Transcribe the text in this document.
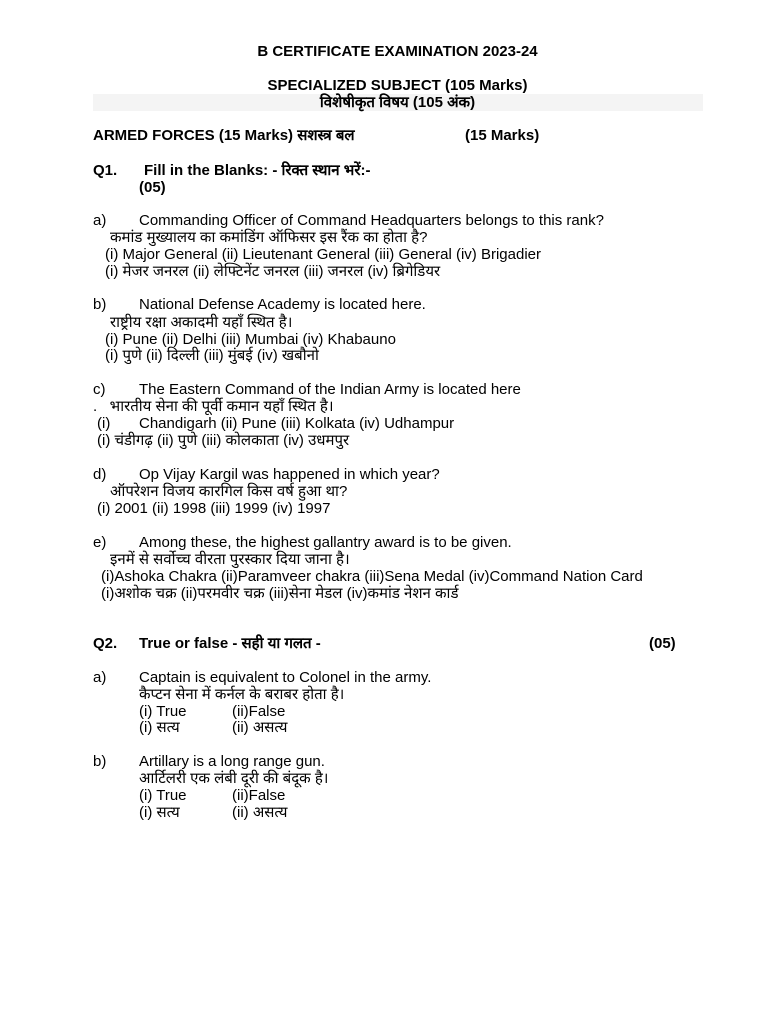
B CERTIFICATE EXAMINATION 2023-24
SPECIALIZED SUBJECT (105 Marks)
विशेषीकृत विषय (105 अंक)
ARMED FORCES (15 Marks) सशस्त्र बल	(15 Marks)
Q1. Fill in the Blanks: - रिक्त स्थान भरें:-
(05)
a) Commanding Officer of Command Headquarters belongs to this rank?
कमांड मुख्यालय का कमांडिंग ऑफिसर इस रैंक का होता है?
(i) Major General (ii) Lieutenant General (iii) General (iv) Brigadier
(i) मेजर जनरल (ii) लेफ्टिनेंट जनरल (iii) जनरल (iv) ब्रिगेडियर
b) National Defense Academy is located here.
राष्ट्रीय रक्षा अकादमी यहाँ स्थित है।
(i) Pune (ii) Delhi (iii) Mumbai (iv) Khabauno
(i) पुणे (ii) दिल्ली (iii) मुंबई (iv) खबौनो
c) The Eastern Command of the Indian Army is located here
.   भारतीय सेना की पूर्वी कमान यहाँ स्थित है।
(i) Chandigarh (ii) Pune (iii) Kolkata (iv) Udhampur
(i) चंडीगढ़ (ii) पुणे (iii) कोलकाता (iv) उधमपुर
d) Op Vijay Kargil was happened in which year?
ऑपरेशन विजय कारगिल किस वर्ष हुआ था?
(i) 2001 (ii) 1998 (iii) 1999 (iv) 1997
e) Among these, the highest gallantry award is to be given.
इनमें से सर्वोच्च वीरता पुरस्कार दिया जाना है।
(i)Ashoka Chakra (ii)Paramveer chakra (iii)Sena Medal (iv)Command Nation Card
(i)अशोक चक्र (ii)परमवीर चक्र (iii)सेना मेडल (iv)कमांड नेशन कार्ड
Q2. True or false - सही या गलत -	(05)
a) Captain is equivalent to Colonel in the army.
कैप्टन सेना में कर्नल के बराबर होता है।
(i) True	(ii)False
(i) सत्य	(ii) असत्य
b) Artillary is a long range gun.
आर्टिलरी एक लंबी दूरी की बंदूक है।
(i) True	(ii)False
(i) सत्य	(ii) असत्य
